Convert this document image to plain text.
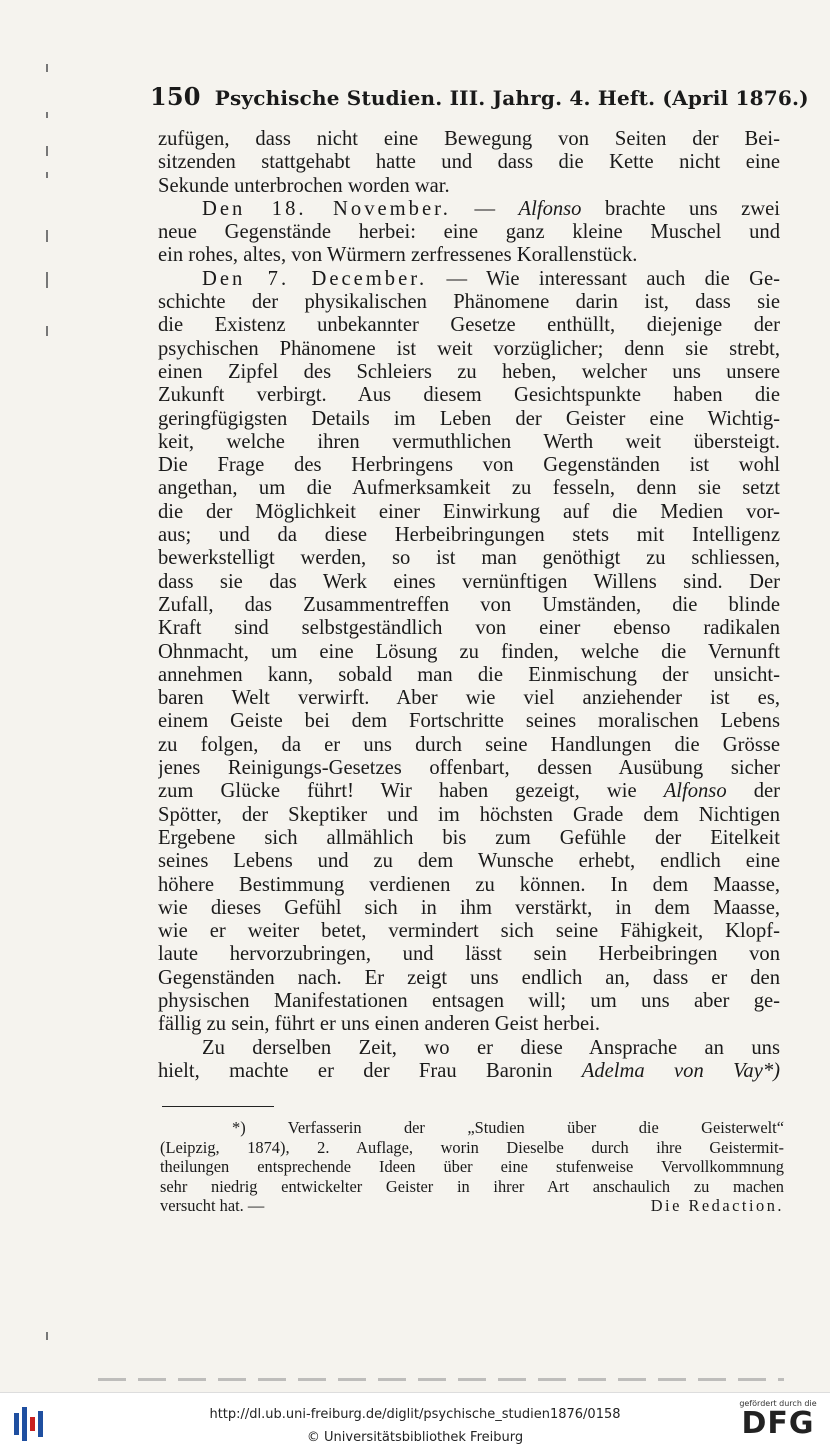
150 Psychische Studien. III. Jahrg. 4. Heft. (April 1876.)
zufügen, dass nicht eine Bewegung von Seiten der Bei-
sitzenden stattgehabt hatte und dass die Kette nicht eine
Sekunde unterbrochen worden war.
Den 18. November. — Alfonso brachte uns zwei
neue Gegenstände herbei: eine ganz kleine Muschel und
ein rohes, altes, von Würmern zerfressenes Korallenstück.
Den 7. December. — Wie interessant auch die Ge-
schichte der physikalischen Phänomene darin ist, dass sie
die Existenz unbekannter Gesetze enthüllt, diejenige der
psychischen Phänomene ist weit vorzüglicher; denn sie strebt,
einen Zipfel des Schleiers zu heben, welcher uns unsere
Zukunft verbirgt. Aus diesem Gesichtspunkte haben die
geringfügigsten Details im Leben der Geister eine Wichtig-
keit, welche ihren vermuthlichen Werth weit übersteigt.
Die Frage des Herbringens von Gegenständen ist wohl
angethan, um die Aufmerksamkeit zu fesseln, denn sie setzt
die der Möglichkeit einer Einwirkung auf die Medien vor-
aus; und da diese Herbeibringungen stets mit Intelligenz
bewerkstelligt werden, so ist man genöthigt zu schliessen,
dass sie das Werk eines vernünftigen Willens sind. Der
Zufall, das Zusammentreffen von Umständen, die blinde
Kraft sind selbstgeständlich von einer ebenso radikalen
Ohnmacht, um eine Lösung zu finden, welche die Vernunft
annehmen kann, sobald man die Einmischung der unsicht-
baren Welt verwirft. Aber wie viel anziehender ist es,
einem Geiste bei dem Fortschritte seines moralischen Lebens
zu folgen, da er uns durch seine Handlungen die Grösse
jenes Reinigungs-Gesetzes offenbart, dessen Ausübung sicher
zum Glücke führt! Wir haben gezeigt, wie Alfonso der
Spötter, der Skeptiker und im höchsten Grade dem Nichtigen
Ergebene sich allmählich bis zum Gefühle der Eitelkeit
seines Lebens und zu dem Wunsche erhebt, endlich eine
höhere Bestimmung verdienen zu können. In dem Maasse,
wie dieses Gefühl sich in ihm verstärkt, in dem Maasse,
wie er weiter betet, vermindert sich seine Fähigkeit, Klopf-
laute hervorzubringen, und lässt sein Herbeibringen von
Gegenständen nach. Er zeigt uns endlich an, dass er den
physischen Manifestationen entsagen will; um uns aber ge-
fällig zu sein, führt er uns einen anderen Geist herbei.
Zu derselben Zeit, wo er diese Ansprache an uns
hielt, machte er der Frau Baronin Adelma von Vay*)
*) Verfasserin der „Studien über die Geisterwelt“
(Leipzig, 1874), 2. Auflage, worin Dieselbe durch ihre Geistermit-
theilungen entsprechende Ideen über eine stufenweise Vervollkommnung
sehr niedrig entwickelter Geister in ihrer Art anschaulich zu machen
versucht hat. —	Die Redaction.
http://dl.ub.uni-freiburg.de/diglit/psychische_studien1876/0158
© Universitätsbibliothek Freiburg
gefördert durch die
DFG
